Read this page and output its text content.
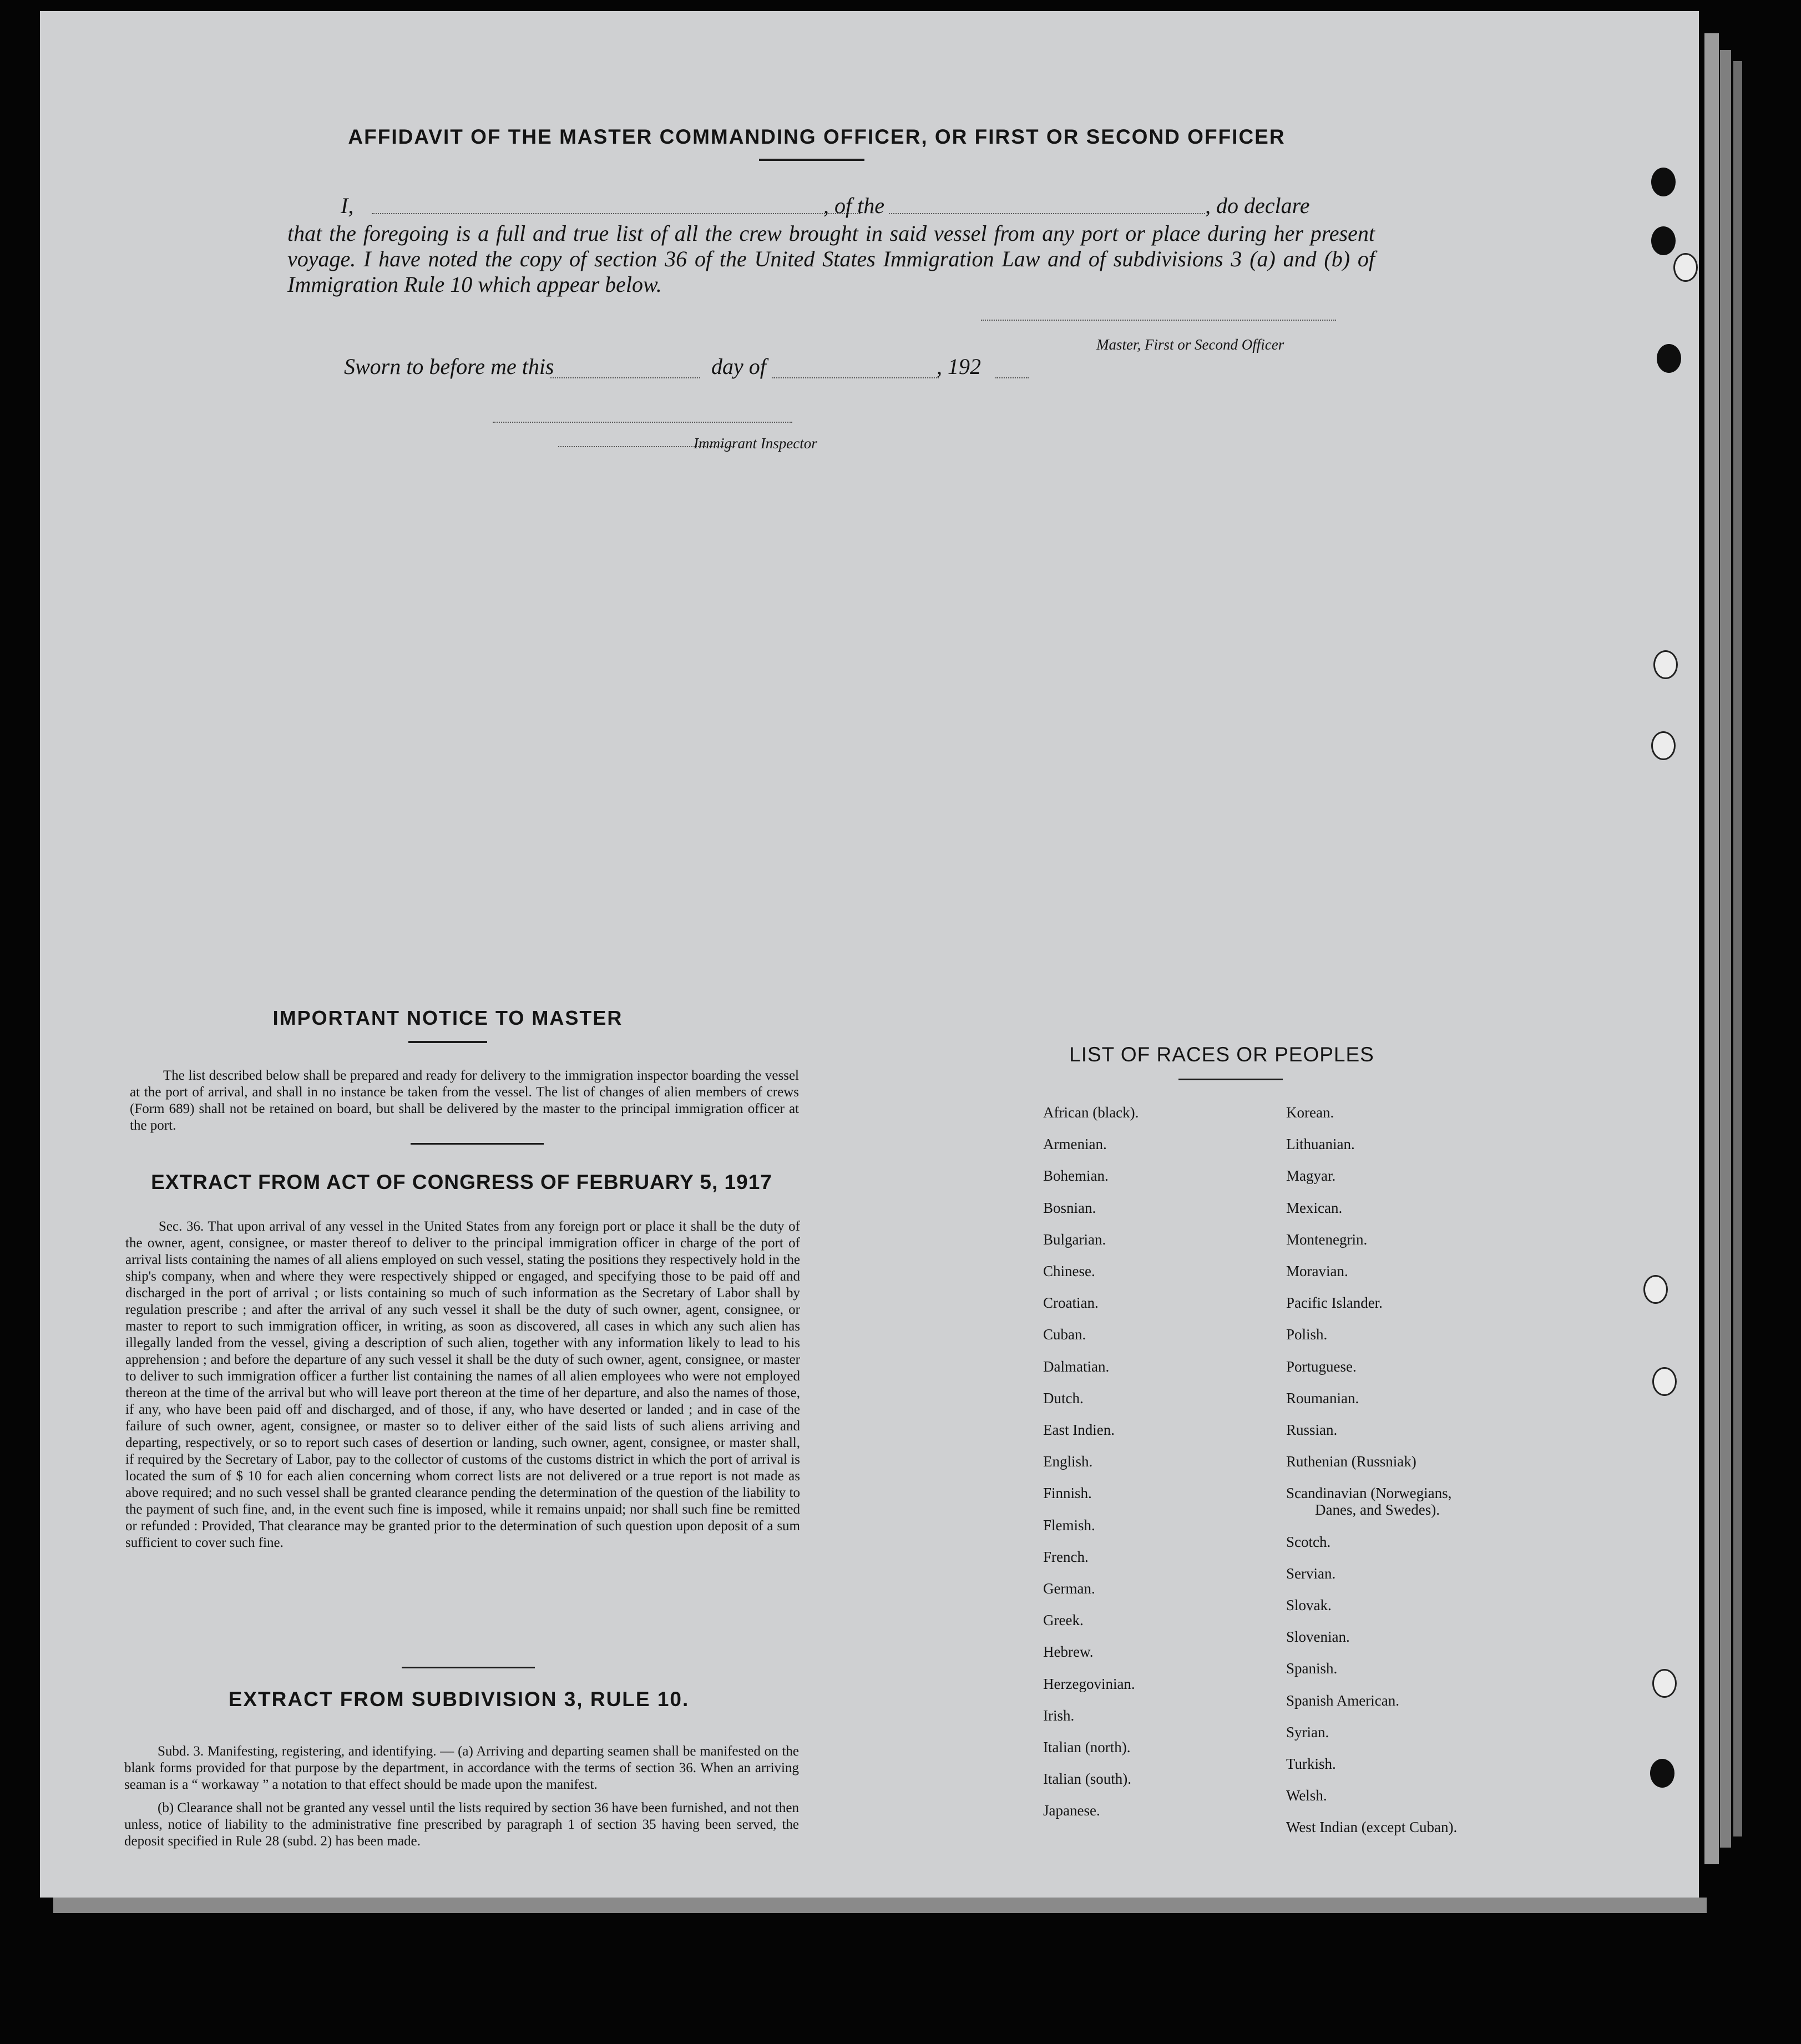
AFFIDAVIT OF THE MASTER COMMANDING OFFICER, OR FIRST OR SECOND OFFICER
I,	, of the	, do declare
that the foregoing is a full and true list of all the crew brought in said vessel from any port or place during her present voyage. I have noted the copy of section 36 of the United States Immigration Law and of subdivisions 3 (a) and (b) of Immigration Rule 10 which appear below.
Master, First or Second Officer
Sworn to before me this	day of	, 192
Immigrant Inspector
IMPORTANT NOTICE TO MASTER
The list described below shall be prepared and ready for delivery to the immigration inspector boarding the vessel at the port of arrival, and shall in no instance be taken from the vessel. The list of changes of alien members of crews (Form 689) shall not be retained on board, but shall be delivered by the master to the principal immigration officer at the port.
EXTRACT FROM ACT OF CONGRESS OF FEBRUARY 5, 1917
Sec. 36. That upon arrival of any vessel in the United States from any foreign port or place it shall be the duty of the owner, agent, consignee, or master thereof to deliver to the principal immigration officer in charge of the port of arrival lists containing the names of all aliens employed on such vessel, stating the positions they respectively hold in the ship's company, when and where they were respectively shipped or engaged, and specifying those to be paid off and discharged in the port of arrival ; or lists containing so much of such information as the Secretary of Labor shall by regulation prescribe ; and after the arrival of any such vessel it shall be the duty of such owner, agent, consignee, or master to report to such immigration officer, in writing, as soon as discovered, all cases in which any such alien has illegally landed from the vessel, giving a description of such alien, together with any information likely to lead to his apprehension ; and before the departure of any such vessel it shall be the duty of such owner, agent, consignee, or master to deliver to such immigration officer a further list containing the names of all alien employees who were not employed thereon at the time of the arrival but who will leave port thereon at the time of her departure, and also the names of those, if any, who have been paid off and discharged, and of those, if any, who have deserted or landed ; and in case of the failure of such owner, agent, consignee, or master so to deliver either of the said lists of such aliens arriving and departing, respectively, or so to report such cases of desertion or landing, such owner, agent, consignee, or master shall, if required by the Secretary of Labor, pay to the collector of customs of the customs district in which the port of arrival is located the sum of $ 10 for each alien concerning whom correct lists are not delivered or a true report is not made as above required; and no such vessel shall be granted clearance pending the determination of the question of the liability to the payment of such fine, and, in the event such fine is imposed, while it remains unpaid; nor shall such fine be remitted or refunded : Provided, That clearance may be granted prior to the determination of such question upon deposit of a sum sufficient to cover such fine.
EXTRACT FROM SUBDIVISION 3, RULE 10.
Subd. 3. Manifesting, registering, and identifying. — (a) Arriving and departing seamen shall be manifested on the blank forms provided for that purpose by the department, in accordance with the terms of section 36. When an arriving seaman is a “ workaway ” a notation to that effect should be made upon the manifest.
(b) Clearance shall not be granted any vessel until the lists required by section 36 have been furnished, and not then unless, notice of liability to the administrative fine prescribed by paragraph 1 of section 35 having been served, the deposit specified in Rule 28 (subd. 2) has been made.
LIST OF RACES OR PEOPLES
African (black).
Armenian.
Bohemian.
Bosnian.
Bulgarian.
Chinese.
Croatian.
Cuban.
Dalmatian.
Dutch.
East Indien.
English.
Finnish.
Flemish.
French.
German.
Greek.
Hebrew.
Herzegovinian.
Irish.
Italian (north).
Italian (south).
Japanese.
Korean.
Lithuanian.
Magyar.
Mexican.
Montenegrin.
Moravian.
Pacific Islander.
Polish.
Portuguese.
Roumanian.
Russian.
Ruthenian (Russniak)
Scandinavian (Norwegians,
Danes, and Swedes).
Scotch.
Servian.
Slovak.
Slovenian.
Spanish.
Spanish American.
Syrian.
Turkish.
Welsh.
West Indian (except Cuban).
